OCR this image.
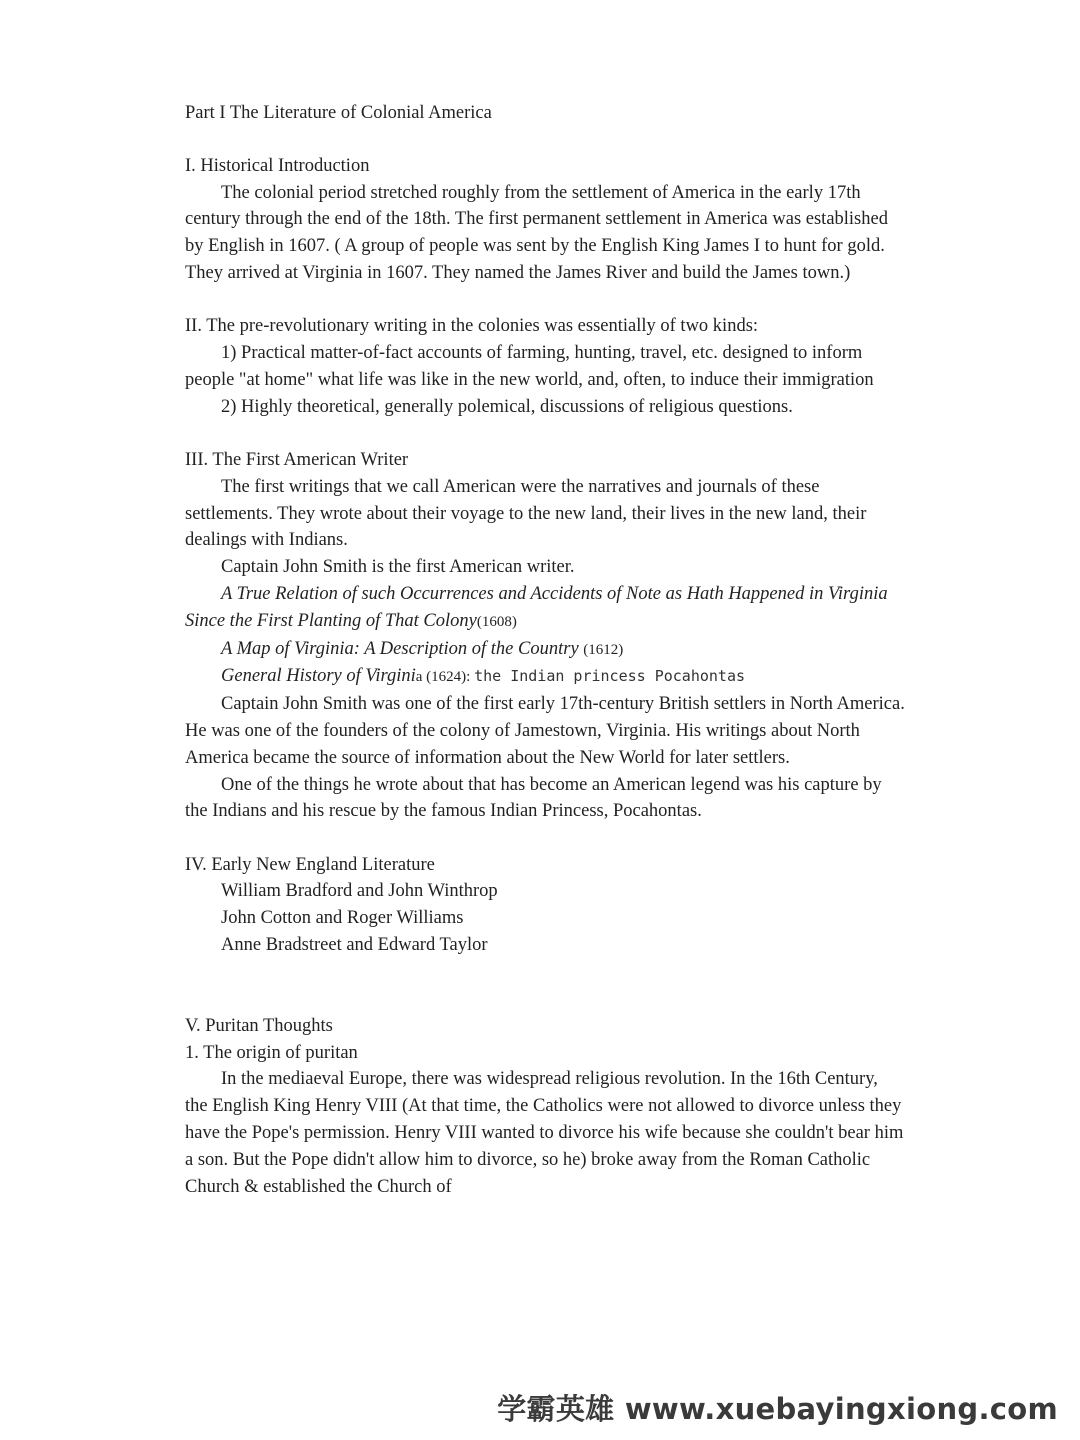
Part I The Literature of Colonial America

I. Historical Introduction

The colonial period stretched roughly from the settlement of America in the early 17th century through the end of the 18th. The first permanent settlement in America was established by English in 1607. ( A group of people was sent by the English King James I to hunt for gold. They arrived at Virginia in 1607. They named the James River and build the James town.)

II. The pre-revolutionary writing in the colonies was essentially of two kinds:

1) Practical matter-of-fact accounts of farming, hunting, travel, etc. designed to inform people "at home" what life was like in the new world, and, often, to induce their immigration

2) Highly theoretical, generally polemical, discussions of religious questions.

III. The First American Writer

The first writings that we call American were the narratives and journals of these settlements. They wrote about their voyage to the new land, their lives in the new land, their dealings with Indians.

Captain John Smith is the first American writer.

A True Relation of such Occurrences and Accidents of Note as Hath Happened in Virginia Since the First Planting of That Colony(1608)

A Map of Virginia: A Description of the Country (1612)

General History of Virginia (1624): the Indian princess Pocahontas

Captain John Smith was one of the first early 17th-century British settlers in North America. He was one of the founders of the colony of Jamestown, Virginia. His writings about North America became the source of information about the New World for later settlers.

One of the things he wrote about that has become an American legend was his capture by the Indians and his rescue by the famous Indian Princess, Pocahontas.

IV. Early New England Literature

William Bradford and John Winthrop

John Cotton and Roger Williams

Anne Bradstreet and Edward Taylor

V. Puritan Thoughts

1. The origin of puritan

In the mediaeval Europe, there was widespread religious revolution. In the 16th Century, the English King Henry VIII (At that time, the Catholics were not allowed to divorce unless they have the Pope's permission. Henry VIII wanted to divorce his wife because she couldn't bear him a son. But the Pope didn't allow him to divorce, so he) broke away from the Roman Catholic Church & established the Church of

学霸英雄 www.xuebayingxiong.com
